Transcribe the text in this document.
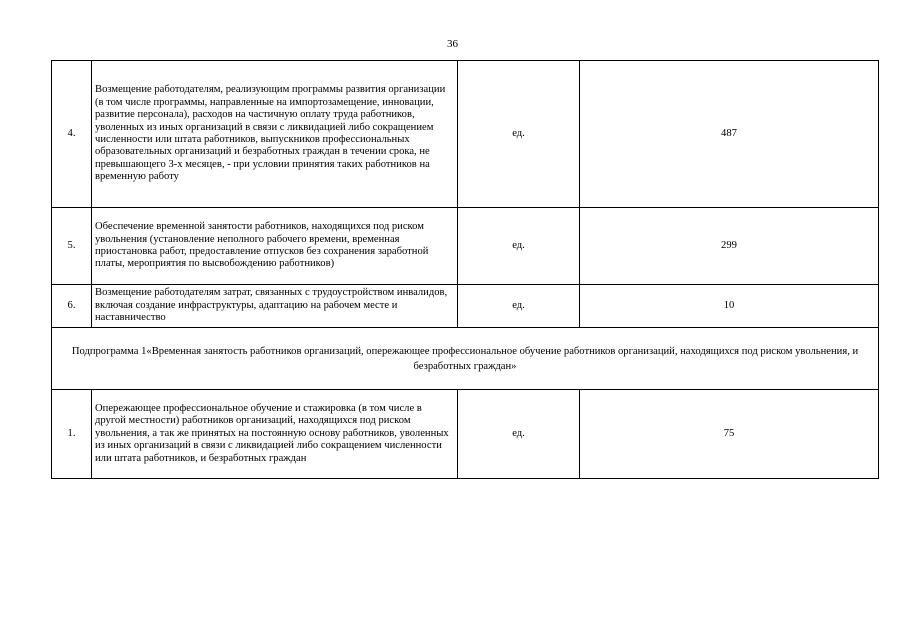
36
4.	Возмещение работодателям, реализующим программы развития организации (в том числе программы, направленные на импортозамещение, инновации, развитие персонала), расходов на частичную оплату труда работников, уволенных из иных организаций в связи с ликвидацией либо сокращением численности или штата работников, выпускников профессиональных образовательных организаций и безработных граждан в течении срока, не превышающего 3-х месяцев, - при условии принятия таких работников на временную работу	ед.	487
5.	Обеспечение временной занятости работников, находящихся под риском увольнения (установление неполного рабочего времени, временная приостановка работ, предоставление отпусков без сохранения заработной платы, мероприятия по высвобождению работников)	ед.	299
6.	Возмещение работодателям затрат, связанных с трудоустройством инвалидов, включая создание инфраструктуры, адаптацию на рабочем месте и наставничество	ед.	10
Подпрограмма 1«Временная занятость работников организаций, опережающее профессиональное обучение работников организаций, находящихся под риском увольнения, и безработных граждан»			
1.	Опережающее профессиональное обучение и стажировка (в том числе в другой местности) работников организаций, находящихся под риском увольнения, а так же принятых на постоянную основу работников, уволенных из иных организаций в связи с ликвидацией либо сокращением численности или штата работников, и безработных граждан	ед.	75
